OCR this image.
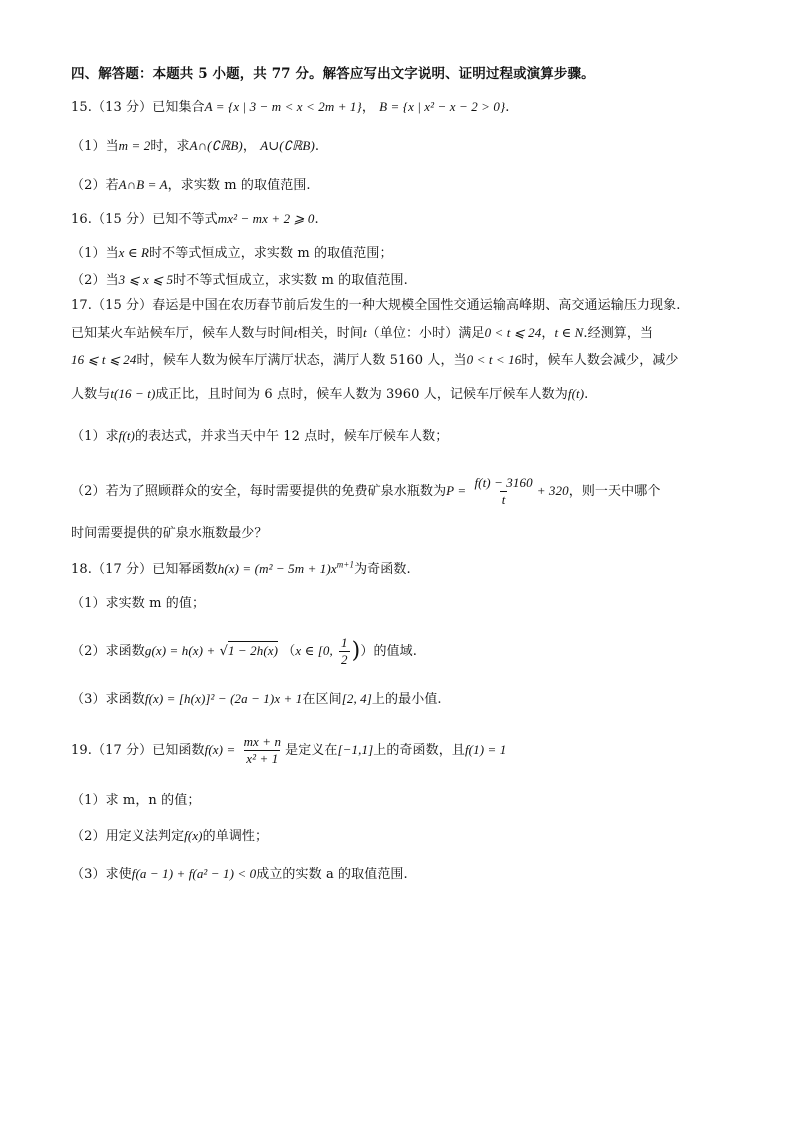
四、解答题：本题共 5 小题，共 77 分。解答应写出文字说明、证明过程或演算步骤。
15.（13 分）已知集合A = {x | 3 − m < x < 2m + 1}， B = {x | x² − x − 2 > 0}.
（1）当m = 2时，求A∩(∁ℝB)， A∪(∁ℝB).
（2）若A∩B = A，求实数 m 的取值范围.
16.（15 分）已知不等式mx² − mx + 2 ⩾ 0.
（1）当x ∈ R时不等式恒成立，求实数 m 的取值范围；
（2）当3 ⩽ x ⩽ 5时不等式恒成立，求实数 m 的取值范围.
17.（15 分）春运是中国在农历春节前后发生的一种大规模全国性交通运输高峰期、高交通运输压力现象.
已知某火车站候车厅，候车人数与时间t相关，时间t（单位：小时）满足0 < t ⩽ 24，t ∈ N.经测算，当
16 ⩽ t ⩽ 24时，候车人数为候车厅满厅状态，满厅人数 5160 人，当0 < t < 16时，候车人数会减少，减少
人数与t(16 − t)成正比，且时间为 6 点时，候车人数为 3960 人，记候车厅候车人数为f(t).
（1）求f(t)的表达式，并求当天中午 12 点时，候车厅候车人数；
（2）若为了照顾群众的安全，每时需要提供的免费矿泉水瓶数为$P = \frac{f(t) - 3160}{t} + 320$，则一天中哪个
时间需要提供的矿泉水瓶数最少？
18.（17 分）已知幂函数$h(x) = (m^2 - 5m + 1)x^{m+1}$为奇函数.
（1）求实数 m 的值；
（2）求函数g(x) = h(x) + √1 − 2h(x) （x ∈ [0, $\frac{1}{2}$ )）的值域.
（3）求函数f(x) = [h(x)]² − (2a − 1)x + 1在区间[2, 4]上的最小值.
19.（17 分）已知函数$f(x) = \frac{mx + n}{\text{x² + 1}}$ 是定义在[−1,1]上的奇函数，且f(1) = 1
（1）求 m，n 的值；
（2）用定义法判定f(x)的单调性；
（3）求使f(a − 1) + f(a² − 1) < 0成立的实数 a 的取值范围.
